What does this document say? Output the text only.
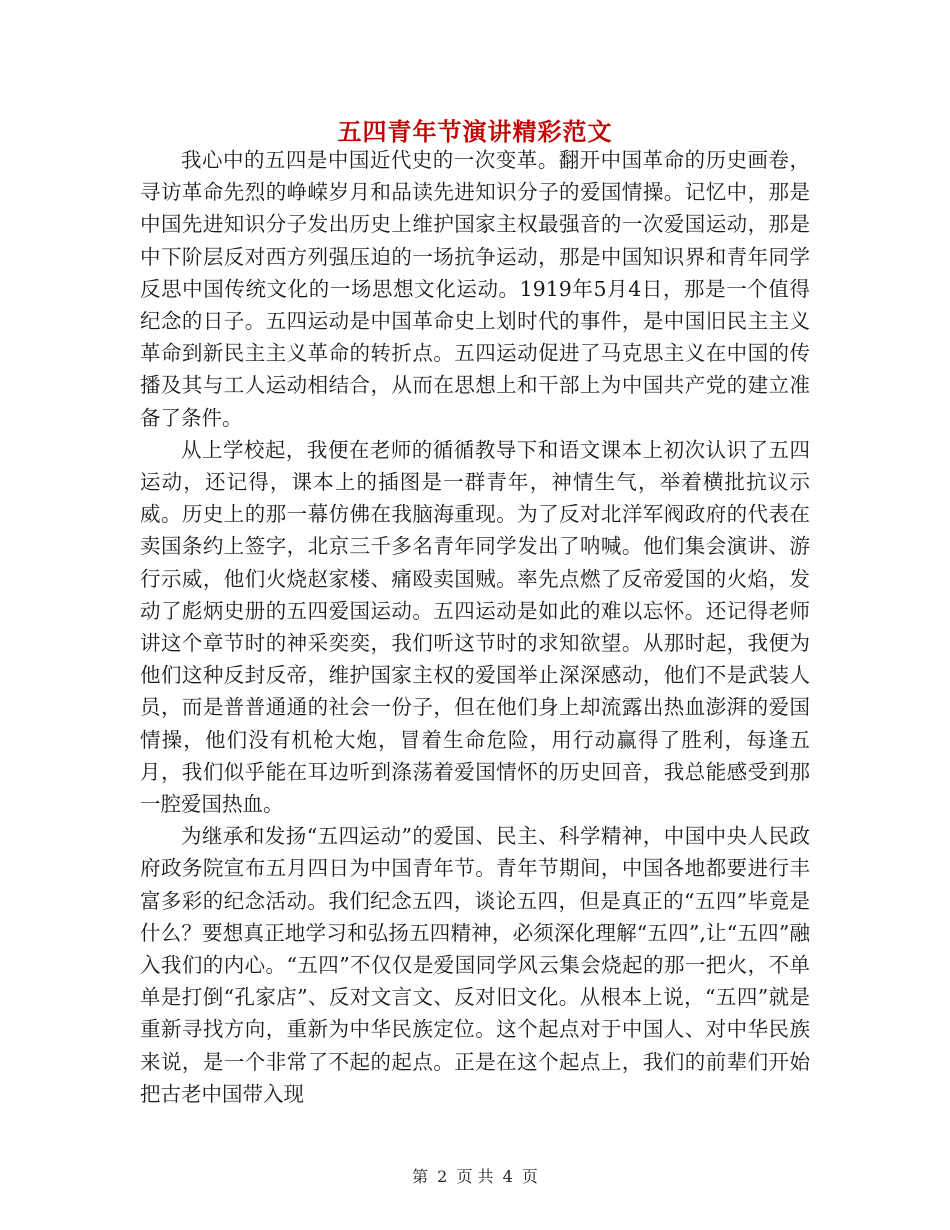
五四青年节演讲精彩范文

我心中的五四是中国近代史的一次变革。翻开中国革命的历史画卷，寻访革命先烈的峥嵘岁月和品读先进知识分子的爱国情操。记忆中，那是中国先进知识分子发出历史上维护国家主权最强音的一次爱国运动，那是中下阶层反对西方列强压迫的一场抗争运动，那是中国知识界和青年同学反思中国传统文化的一场思想文化运动。1919年5月4日，那是一个值得纪念的日子。五四运动是中国革命史上划时代的事件，是中国旧民主主义革命到新民主主义革命的转折点。五四运动促进了马克思主义在中国的传播及其与工人运动相结合，从而在思想上和干部上为中国共产党的建立准备了条件。

从上学校起，我便在老师的循循教导下和语文课本上初次认识了五四运动，还记得，课本上的插图是一群青年，神情生气，举着横批抗议示威。历史上的那一幕仿佛在我脑海重现。为了反对北洋军阀政府的代表在卖国条约上签字，北京三千多名青年同学发出了呐喊。他们集会演讲、游行示威，他们火烧赵家楼、痛殴卖国贼。率先点燃了反帝爱国的火焰，发动了彪炳史册的五四爱国运动。五四运动是如此的难以忘怀。还记得老师讲这个章节时的神采奕奕，我们听这节时的求知欲望。从那时起，我便为他们这种反封反帝，维护国家主权的爱国举止深深感动，他们不是武装人员，而是普普通通的社会一份子，但在他们身上却流露出热血澎湃的爱国情操，他们没有机枪大炮，冒着生命危险，用行动赢得了胜利，每逢五月，我们似乎能在耳边听到涤荡着爱国情怀的历史回音，我总能感受到那一腔爱国热血。

为继承和发扬“五四运动”的爱国、民主、科学精神，中国中央人民政府政务院宣布五月四日为中国青年节。青年节期间，中国各地都要进行丰富多彩的纪念活动。我们纪念五四，谈论五四，但是真正的“五四”毕竟是什么？要想真正地学习和弘扬五四精神，必须深化理解“五四”,让“五四”融入我们的内心。“五四”不仅仅是爱国同学风云集会烧起的那一把火，不单单是打倒“孔家店”、反对文言文、反对旧文化。从根本上说，“五四”就是重新寻找方向，重新为中华民族定位。这个起点对于中国人、对中华民族来说，是一个非常了不起的起点。正是在这个起点上，我们的前辈们开始把古老中国带入现

第 2 页 共 4 页
